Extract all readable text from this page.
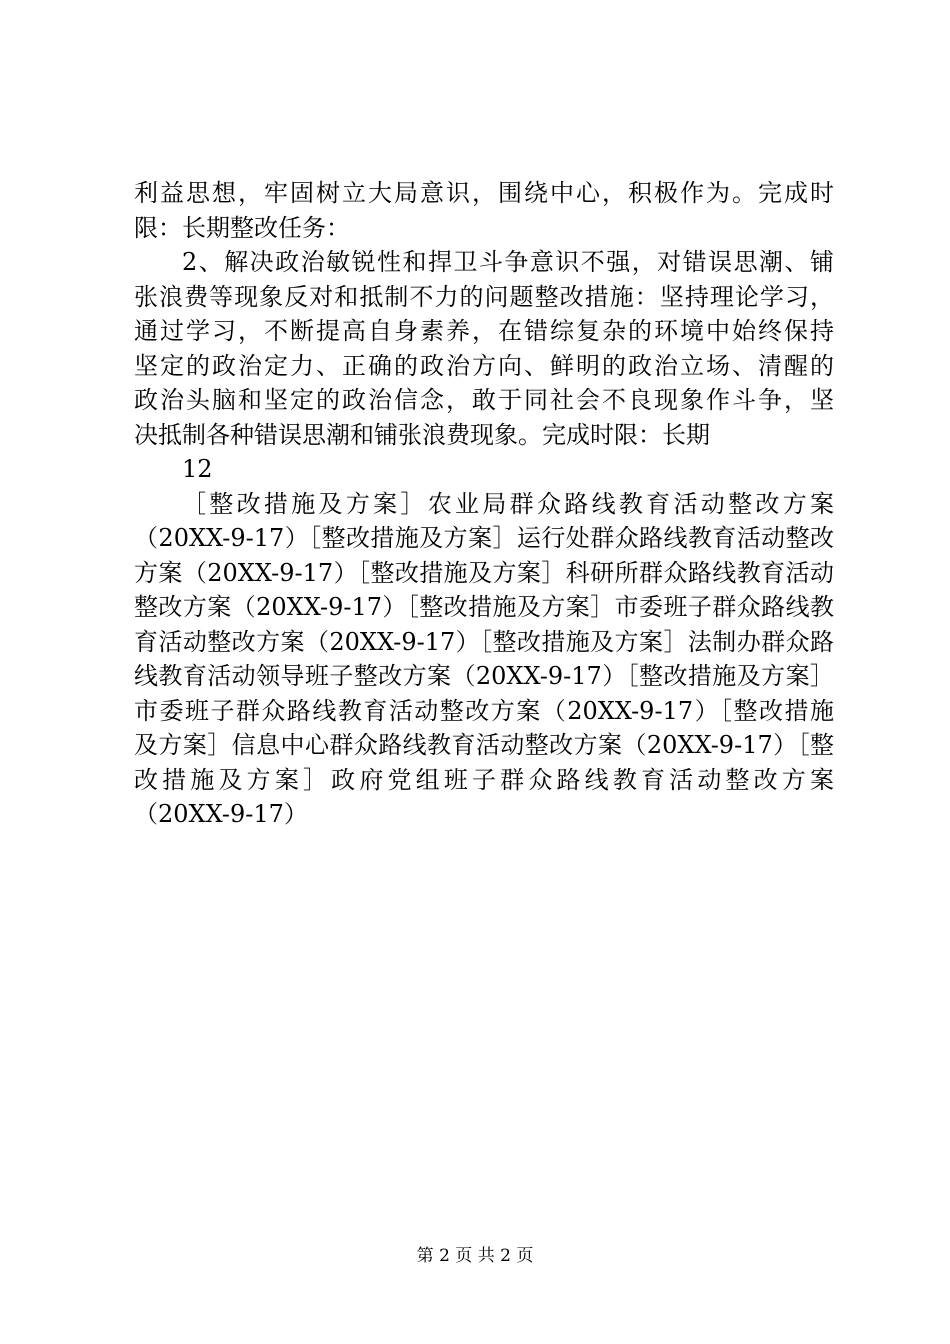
利益思想，牢固树立大局意识，围绕中心，积极作为。完成时
限：长期整改任务：
2、解决政治敏锐性和捍卫斗争意识不强，对错误思潮、铺
张浪费等现象反对和抵制不力的问题整改措施：坚持理论学习，
通过学习，不断提高自身素养，在错综复杂的环境中始终保持
坚定的政治定力、正确的政治方向、鲜明的政治立场、清醒的
政治头脑和坚定的政治信念，敢于同社会不良现象作斗争，坚
决抵制各种错误思潮和铺张浪费现象。完成时限：长期
12
［整改措施及方案］农业局群众路线教育活动整改方案
（20XX-9-17）［整改措施及方案］运行处群众路线教育活动整改
方案（20XX-9-17）［整改措施及方案］科研所群众路线教育活动
整改方案（20XX-9-17）［整改措施及方案］市委班子群众路线教
育活动整改方案（20XX-9-17）［整改措施及方案］法制办群众路
线教育活动领导班子整改方案（20XX-9-17）［整改措施及方案］
市委班子群众路线教育活动整改方案（20XX-9-17）［整改措施
及方案］信息中心群众路线教育活动整改方案（20XX-9-17）［整
改措施及方案］政府党组班子群众路线教育活动整改方案
（20XX-9-17）
第 2 页 共 2 页
